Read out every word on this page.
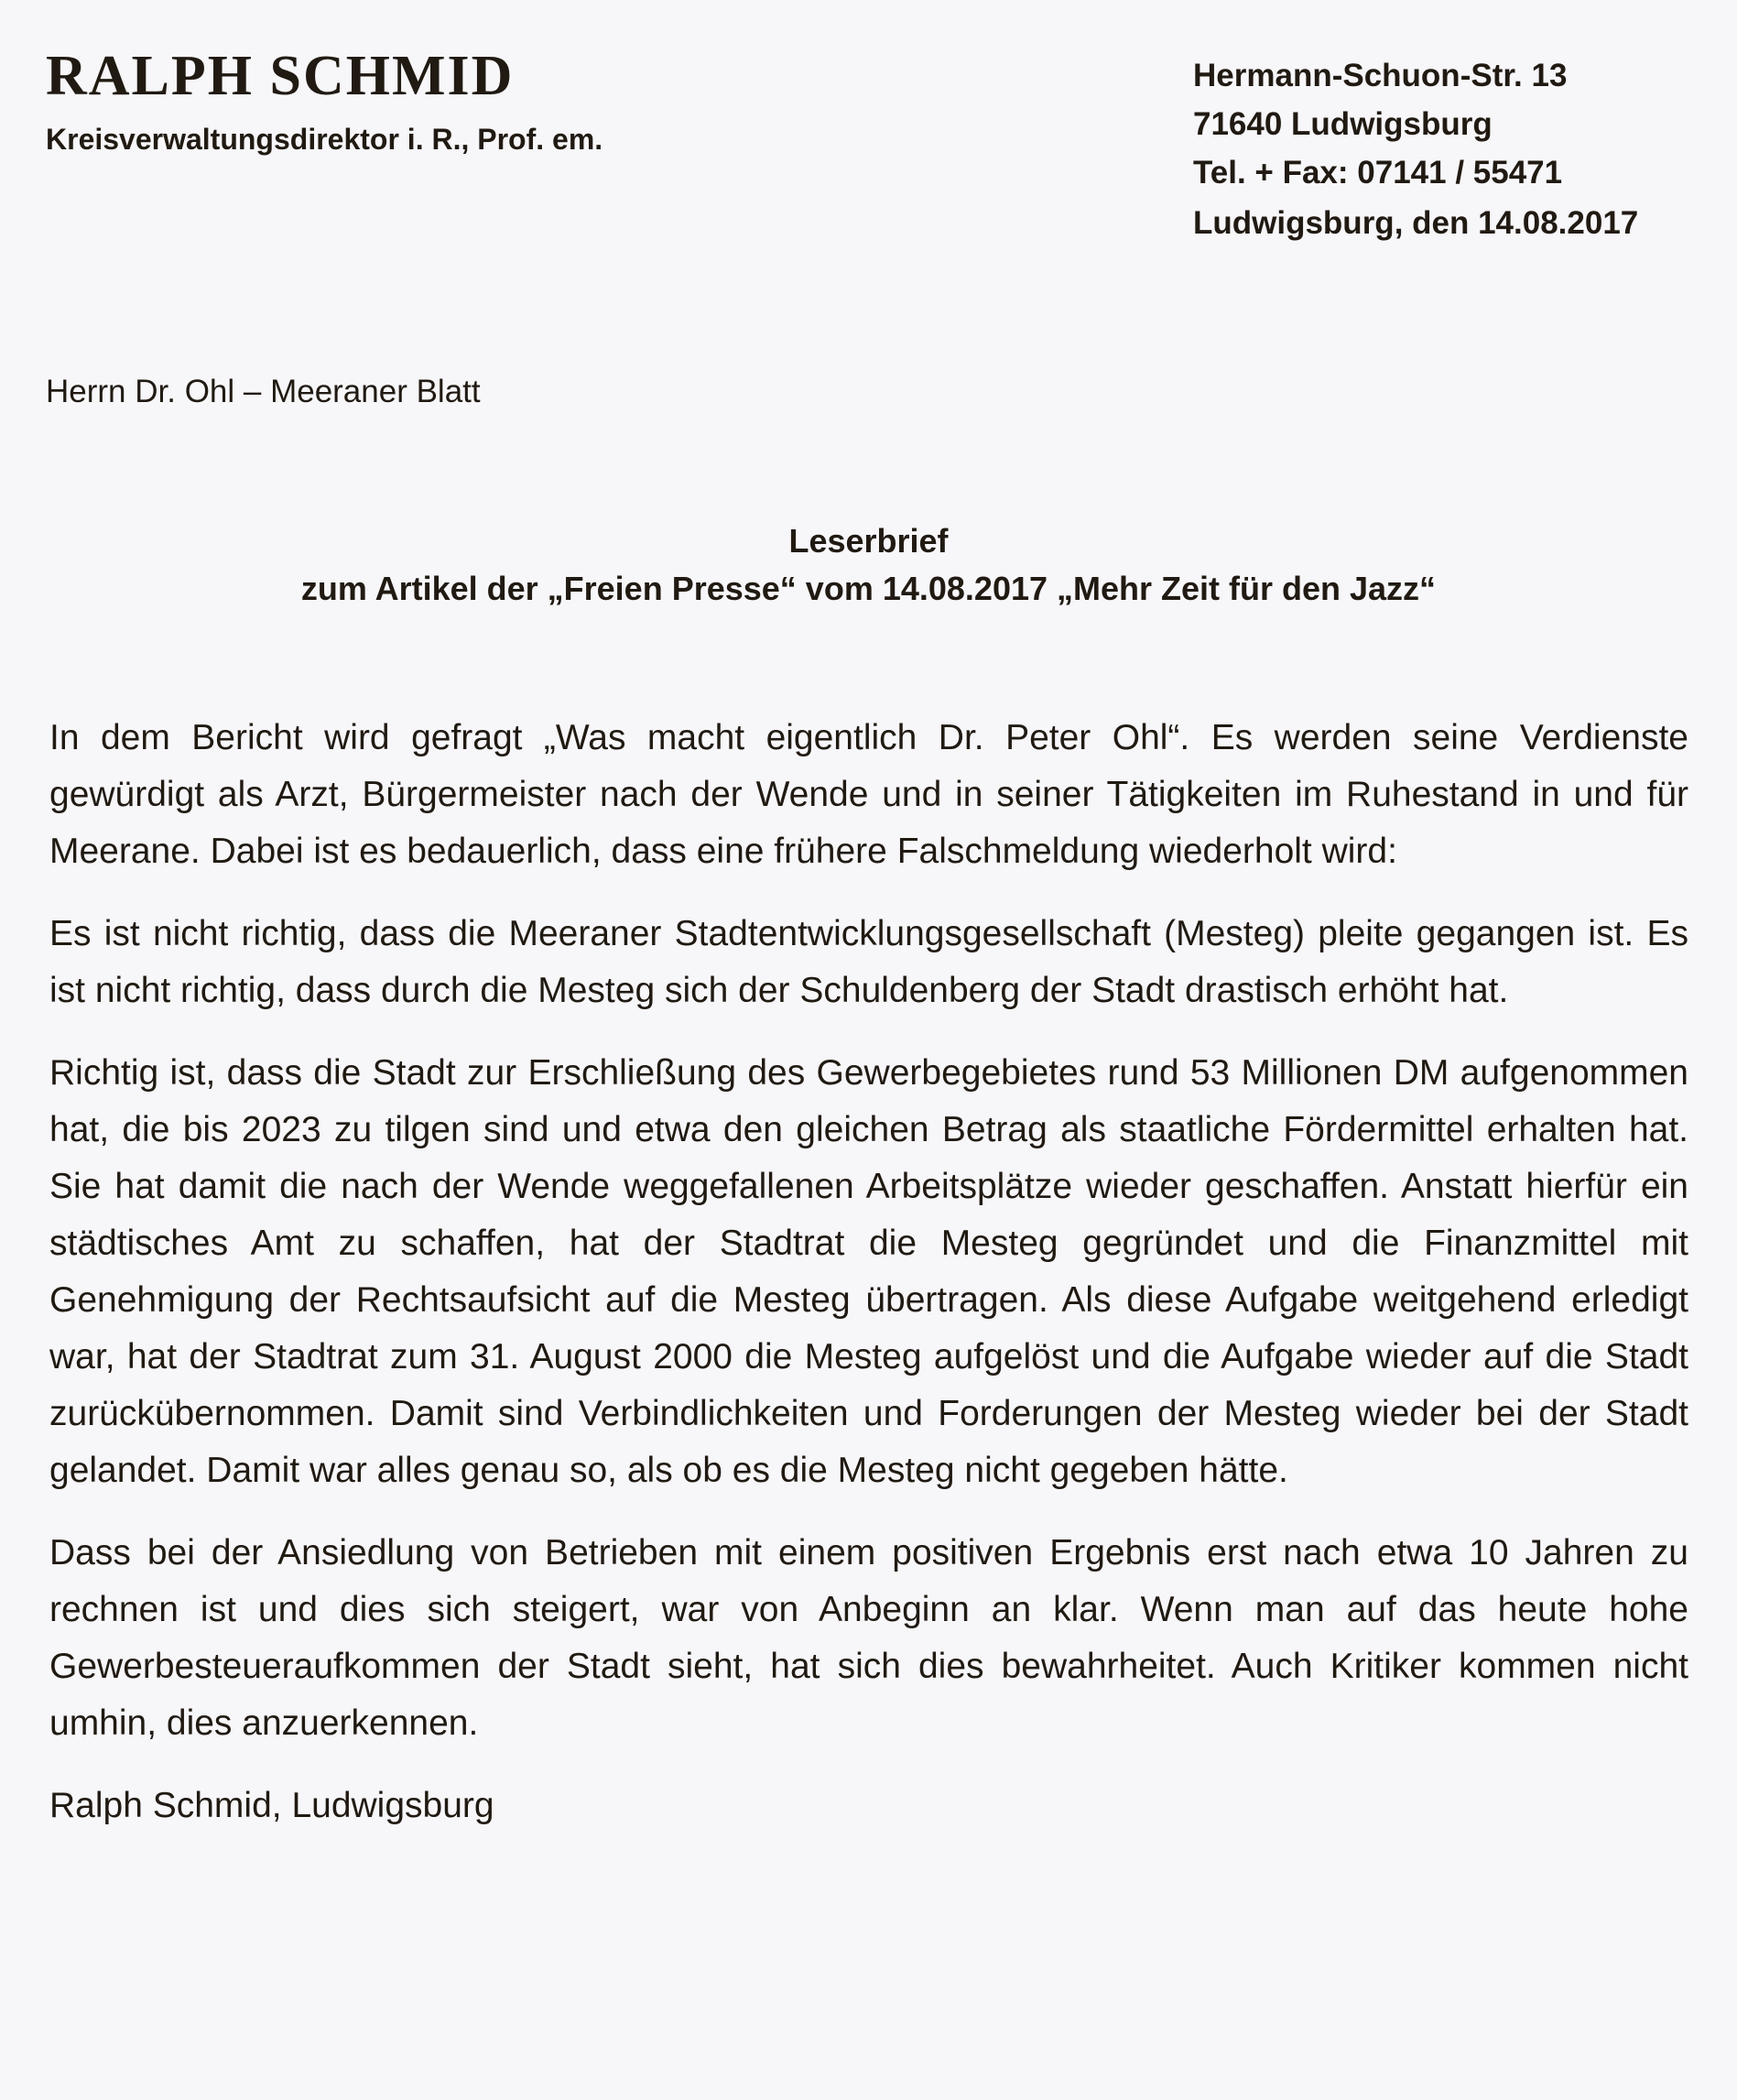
RALPH SCHMID
Kreisverwaltungsdirektor i. R., Prof. em.
Hermann-Schuon-Str. 13
71640 Ludwigsburg
Tel. + Fax: 07141 / 55471
Ludwigsburg, den 14.08.2017
Herrn Dr. Ohl – Meeraner Blatt
Leserbrief
zum Artikel der „Freien Presse“ vom 14.08.2017 „Mehr Zeit für den Jazz“

In dem Bericht wird gefragt „Was macht eigentlich Dr. Peter Ohl“. Es werden seine Verdienste gewürdigt als Arzt, Bürgermeister nach der Wende und in seiner Tätigkeiten im Ruhestand in und für Meerane. Dabei ist es bedauerlich, dass eine frühere Falschmeldung wiederholt wird:

Es ist nicht richtig, dass die Meeraner Stadtentwicklungsgesellschaft (Mesteg) pleite gegangen ist. Es ist nicht richtig, dass durch die Mesteg sich der Schuldenberg der Stadt drastisch erhöht hat.

Richtig ist, dass die Stadt zur Erschließung des Gewerbegebietes rund 53 Millionen DM aufgenommen hat, die bis 2023 zu tilgen sind und etwa den gleichen Betrag als staatliche Fördermittel erhalten hat. Sie hat damit die nach der Wende weggefallenen Arbeitsplätze wieder geschaffen. Anstatt hierfür ein städtisches Amt zu schaffen, hat der Stadtrat die Mesteg gegründet und die Finanzmittel mit Genehmigung der Rechtsaufsicht auf die Mesteg übertragen. Als diese Aufgabe weitgehend erledigt war, hat der Stadtrat zum 31. August 2000 die Mesteg aufgelöst und die Aufgabe wieder auf die Stadt zurückübernommen. Damit sind Verbindlichkeiten und Forderungen der Mesteg wieder bei der Stadt gelandet. Damit war alles genau so, als ob es die Mesteg nicht gegeben hätte.

Dass bei der Ansiedlung von Betrieben mit einem positiven Ergebnis erst nach etwa 10 Jahren zu rechnen ist und dies sich steigert, war von Anbeginn an klar. Wenn man auf das heute hohe Gewerbesteueraufkommen der Stadt sieht, hat sich dies bewahrheitet. Auch Kritiker kommen nicht umhin, dies anzuerkennen.

Ralph Schmid, Ludwigsburg
